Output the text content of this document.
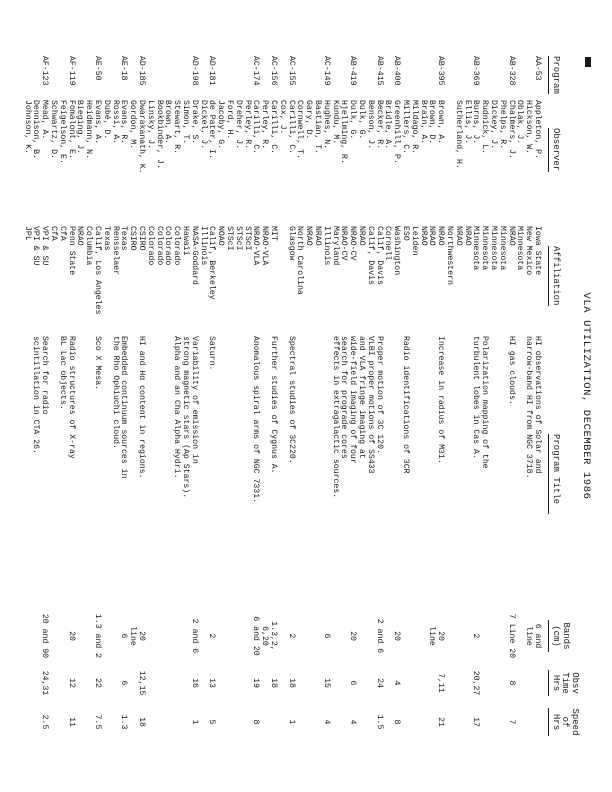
VLA UTILIZATION, DECEMBER 1986
Program
Observer
Affiliation
Program Title
Bands
(cm)
Obsv
Time
Hrs
Speed
of
Hrs
AA-53
Appleton, P.
Iowa State
HI observations of Solar and
6 and
Hickson, W.
New Mexico
narrow-band HI from NGC 3718.
line
Oblak, J.
Minnesota
AB-328
Chalmers, J.
NRAO
HI gas clouds.
7 Line 20
8
7
Phelps, R.
Minnesota
Dickey, J.
Minnesota
Rudnick, L.
Minnesota
Polarization mapping of the
AB-369
Burns, J.
Minnesota
turbulent lobes in Cas A.
2
20,27
17
Ellis, J.
NRAO
Sutherland, H.
NRAO
Northwestern
AB-395
Brown, A.
NRAO
Increase in radius of M31.
20
7,11
21
Brown, D.
NRAO
line
Brain, A.
NRAO
Mildago, R.
Leiden
Millers, C.
ESO
Radio identifications of 3CR
AB-400
Greenhill, P.
Washington
20
4
8
Bridle, A.
Cornell
AB-415
Becker, R.
Calif, Davis
Proper motion of 3C 120.
2 and 6
24
1.5
Benson, J.
Calif, Davis
VLBI proper motions of SS433
Dulk, G.
NRAO
and VLA fringe imaging at
AB-419
Dulk, G.
NRAO-CV
wide-field imaging of four
20
6
4
Hjellming, R.
NRAO-CV
search for prograde cores
Kundu, M.
Maryland
effects in extragalactic sources.
AC-149
Hughes, N.
Illinois
6
15
4
Bastian, T.
NRAO
Gary, D.
NRAO
Cornwell, T.
North Carolina
AC-155
Carilli, C.
Glasgow
Spectral studies of 3C220.
2
18
1
Cox, J.
AC-156
Carilli, C.
MIT
Further studies of Cygnus A.
1.3,2,
18
Perley, R.
NRAO-VLA
6,20
AC-174
Carilli, C.
NRAO-VLA
Anomalous spiral arms of NGC 7331.
6 and 20
19
8
Perley, R.
STScI
Dreher, J.
STScI
Ford, H.
STScI
Jacoby, G.
NOAO
AD-181
de Pater, I.
Calif, Berkeley
Saturn.
2
13
5
Dickel, J.
Illinois
AD-198
Drake, S.
NASA-Goddard
Variability of emission in
2 and 6
16
1
Simon, T.
Hawaii
strong magnetic stars (Ap Stars).
Stewart, R.
Colorado
Alpha and an Cha Alpha Hydri.
Brown, A.
Colorado
Bookbinder, J.
Colorado
Linsky, J.
Colorado
AD-185
Dwarakanath, K.
CSIRO
HI and Hα content in regions.
20
12,15
18
Gordon, M.
CSIRO
line
AE-18
Evans, R.
Texas
Embedded continuum sources in
6
6
1.3
Rossi, A.
Rensselaer
the Rho Ophiuchi cloud.
Dubé, D.
Texas
AE-50
Evans, A.
Calif, Los Angeles
Sco X Mesa.
1.3 and 2
22
7.5
Heidmann, N.
Columbia
Bieging, J.
NRAO
AF-119
Fomalont, E.
Penn State
Radio structures of X-ray
20
12
11
Feigelson, E.
CfA
BL Lac objects.
Schwartz, D.
CfA
AF-123
Mead, A.
VPI & SU
Search for radio
20 and 90
24,31
2.5
Dennison, B.
VPI & SU
scintillation in CTA 26.
Johnson, K.
JPL
